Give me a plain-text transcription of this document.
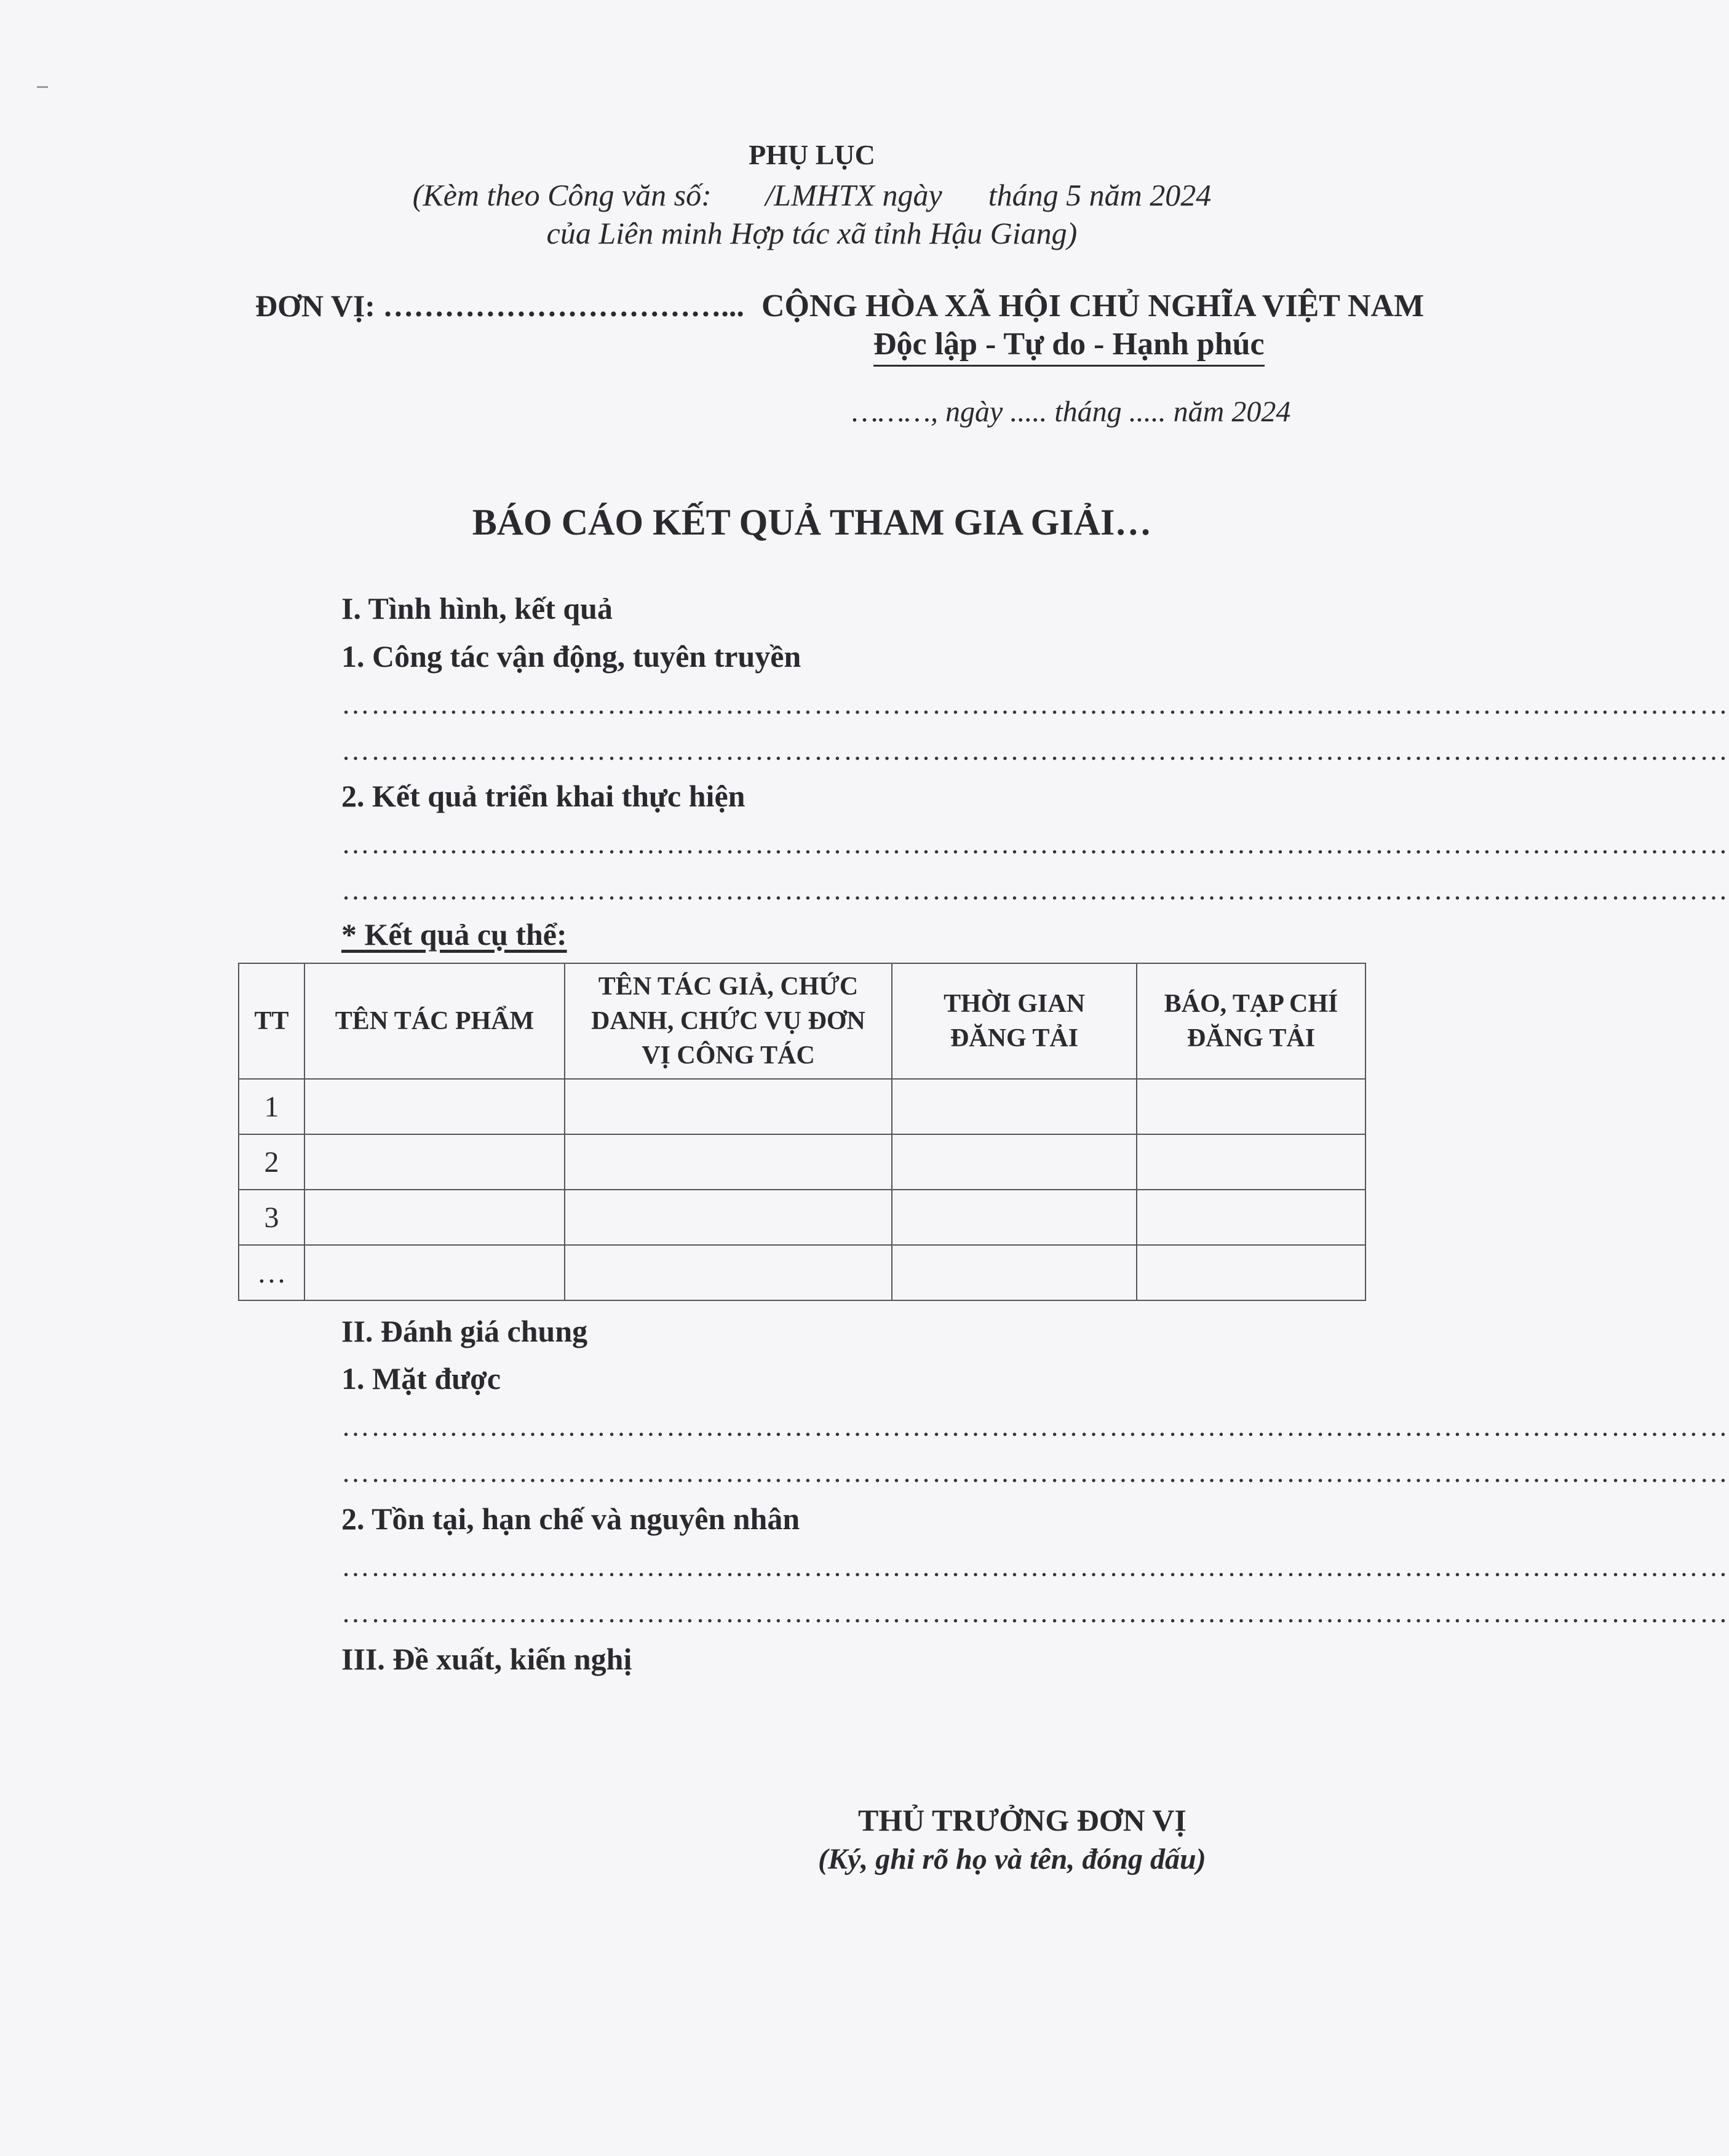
PHỤ LỤC
(Kèm theo Công văn số:       /LMHTX ngày      tháng 5 năm 2024
của Liên minh Hợp tác xã tỉnh Hậu Giang)
ĐƠN VỊ: ……………………………... CỘNG HÒA XÃ HỘI CHỦ NGHĨA VIỆT NAM
Độc lập - Tự do - Hạnh phúc
………, ngày ..... tháng ..... năm 2024
BÁO CÁO KẾT QUẢ THAM GIA GIẢI…
I. Tình hình, kết quả
1. Công tác vận động, tuyên truyền
……………………………………………………………………………………………………………………………
……………………………………………………………………………………………………………………………
2. Kết quả triển khai thực hiện
……………………………………………………………………………………………………………………………
……………………………………………………………………………………………………………………………
* Kết quả cụ thể:
TT	TÊN TÁC PHẨM	TÊN TÁC GIẢ, CHỨC DANH, CHỨC VỤ ĐƠN VỊ CÔNG TÁC	THỜI GIAN ĐĂNG TẢI	BÁO, TẠP CHÍ ĐĂNG TẢI
1				
2				
3				
…				
II. Đánh giá chung
1. Mặt được
……………………………………………………………………………………………………………………………
……………………………………………………………………………………………………………………………
2. Tồn tại, hạn chế và nguyên nhân
……………………………………………………………………………………………………………………………
……………………………………………………………………………………………………………………………
III. Đề xuất, kiến nghị
THỦ TRƯỞNG ĐƠN VỊ
(Ký, ghi rõ họ và tên, đóng dấu)
